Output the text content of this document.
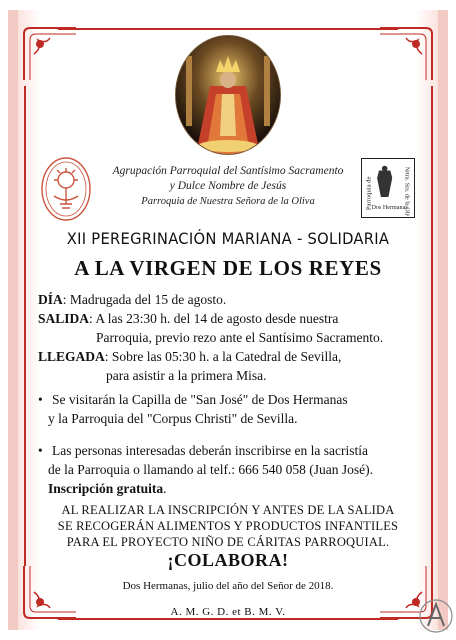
Agrupación Parroquial del Santísimo Sacramento
y Dulce Nombre de Jesús
Parroquia de Nuestra Señora de la Oliva	Parroquia de	Nrtra. Sra. de la Oliva
Dos Hermanas
XII PEREGRINACIÓN MARIANA - SOLIDARIA
A LA VIRGEN DE LOS REYES
DÍA: Madrugada del 15 de agosto.
SALIDA: A las 23:30 h. del 14 de agosto desde nuestra
Parroquia, previo rezo ante el Santísimo Sacramento.
LLEGADA: Sobre las 05:30 h. a la Catedral de Sevilla,
para asistir a la primera Misa.
• Se visitarán la Capilla de "San José" de Dos Hermanas
y la Parroquia del "Corpus Christi" de Sevilla.
• Las personas interesadas deberán inscribirse en la sacristía
de la Parroquia o llamando al telf.: 666 540 058 (Juan José).
Inscripción gratuita.
AL REALIZAR LA INSCRIPCIÓN Y ANTES DE LA SALIDA
SE RECOGERÁN ALIMENTOS Y PRODUCTOS INFANTILES
PARA EL PROYECTO NIÑO DE CÁRITAS PARROQUIAL.
¡COLABORA!
Dos Hermanas, julio del año del Señor de 2018.
A. M. G. D. et B. M. V.
